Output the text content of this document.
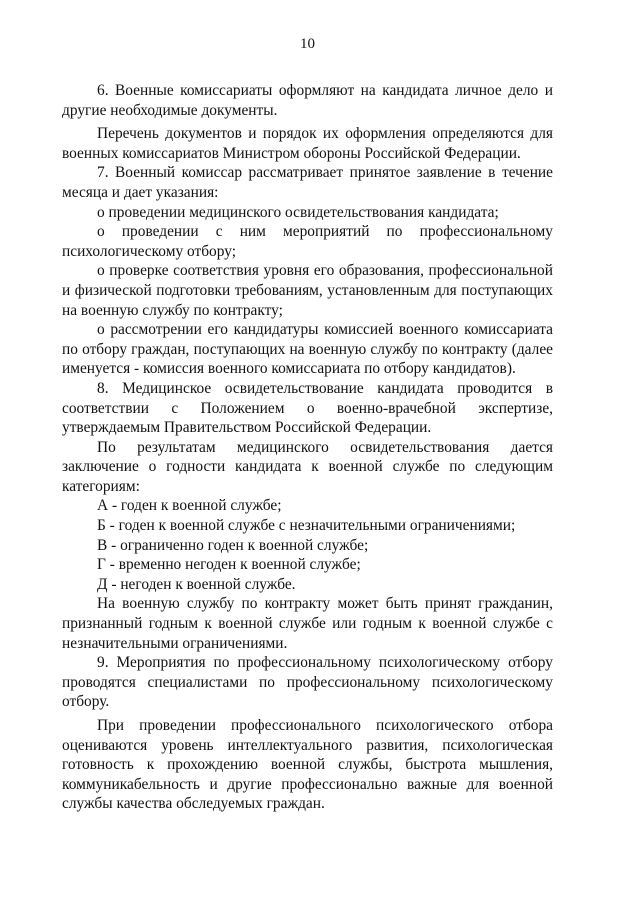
10

6. Военные комиссариаты оформляют на кандидата личное дело и другие необходимые документы.

Перечень документов и порядок их оформления определяются для военных комиссариатов Министром обороны Российской Федерации.

7. Военный комиссар рассматривает принятое заявление в течение месяца и дает указания:

о проведении медицинского освидетельствования кандидата;

о проведении с ним мероприятий по профессиональному психологическому отбору;

о проверке соответствия уровня его образования, профессиональной и физической подготовки требованиям, установленным для поступающих на военную службу по контракту;

о рассмотрении его кандидатуры комиссией военного комиссариата по отбору граждан, поступающих на военную службу по контракту (далее именуется - комиссия военного комиссариата по отбору кандидатов).

8. Медицинское освидетельствование кандидата проводится в соответствии с Положением о военно-врачебной экспертизе, утверждаемым Правительством Российской Федерации.

По результатам медицинского освидетельствования дается заключение о годности кандидата к военной службе по следующим категориям:

А - годен к военной службе;

Б - годен к военной службе с незначительными ограничениями;

В - ограниченно годен к военной службе;

Г - временно негоден к военной службе;

Д - негоден к военной службе.

На военную службу по контракту может быть принят гражданин, признанный годным к военной службе или годным к военной службе с незначительными ограничениями.

9. Мероприятия по профессиональному психологическому отбору проводятся специалистами по профессиональному психологическому отбору.

При проведении профессионального психологического отбора оцениваются уровень интеллектуального развития, психологическая готовность к прохождению военной службы, быстрота мышления, коммуникабельность и другие профессионально важные для военной службы качества обследуемых граждан.
